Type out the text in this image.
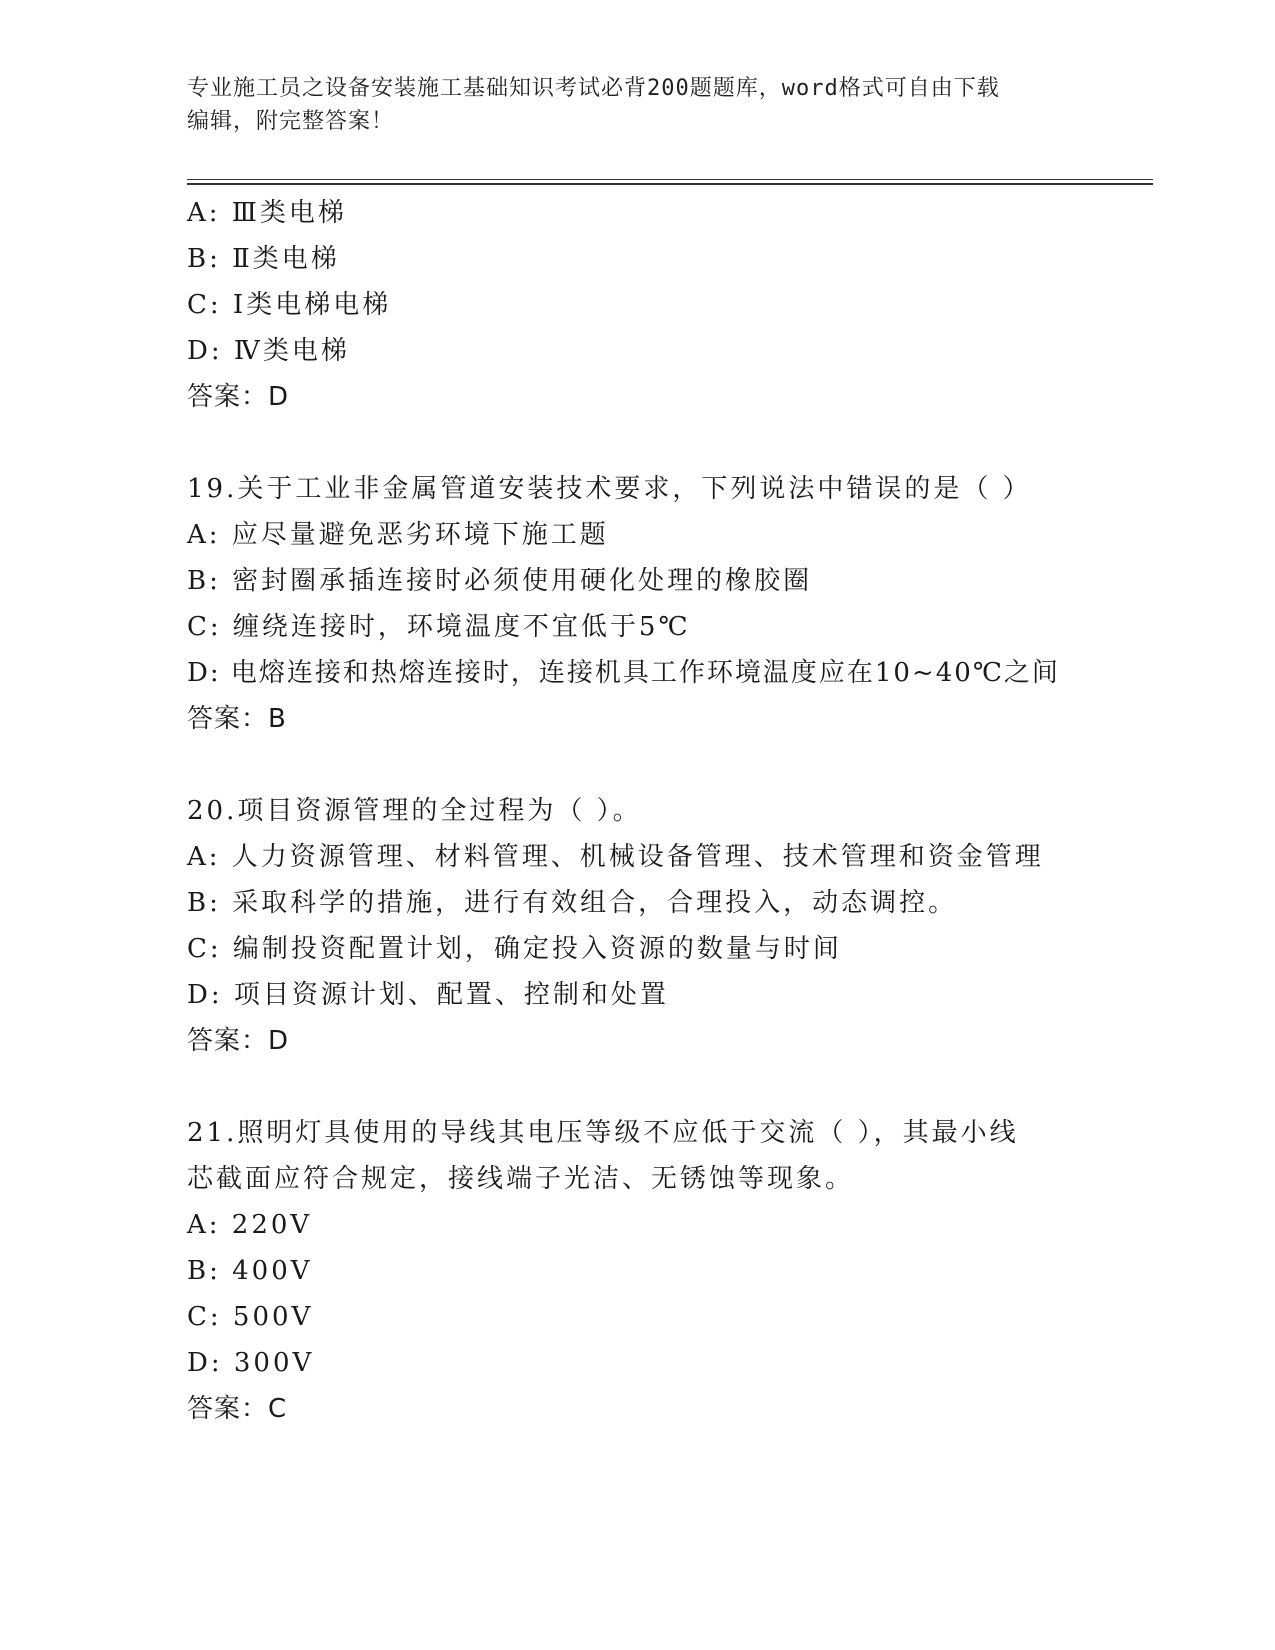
专业施工员之设备安装施工基础知识考试必背200题题库，word格式可自由下载
编辑，附完整答案！
A: Ⅲ类电梯
B: Ⅱ类电梯
C: Ⅰ类电梯电梯
D: Ⅳ类电梯
答案：D
19.关于工业非金属管道安装技术要求，下列说法中错误的是（ ）
A: 应尽量避免恶劣环境下施工题
B: 密封圈承插连接时必须使用硬化处理的橡胶圈
C: 缠绕连接时，环境温度不宜低于5℃
D: 电熔连接和热熔连接时，连接机具工作环境温度应在10~40℃之间
答案：B
20.项目资源管理的全过程为（ ）。
A: 人力资源管理、材料管理、机械设备管理、技术管理和资金管理
B: 采取科学的措施，进行有效组合，合理投入，动态调控。
C: 编制投资配置计划，确定投入资源的数量与时间
D: 项目资源计划、配置、控制和处置
答案：D
21.照明灯具使用的导线其电压等级不应低于交流（ ），其最小线芯截面应符合规定，接线端子光洁、无锈蚀等现象。
A: 220V
B: 400V
C: 500V
D: 300V
答案：C
